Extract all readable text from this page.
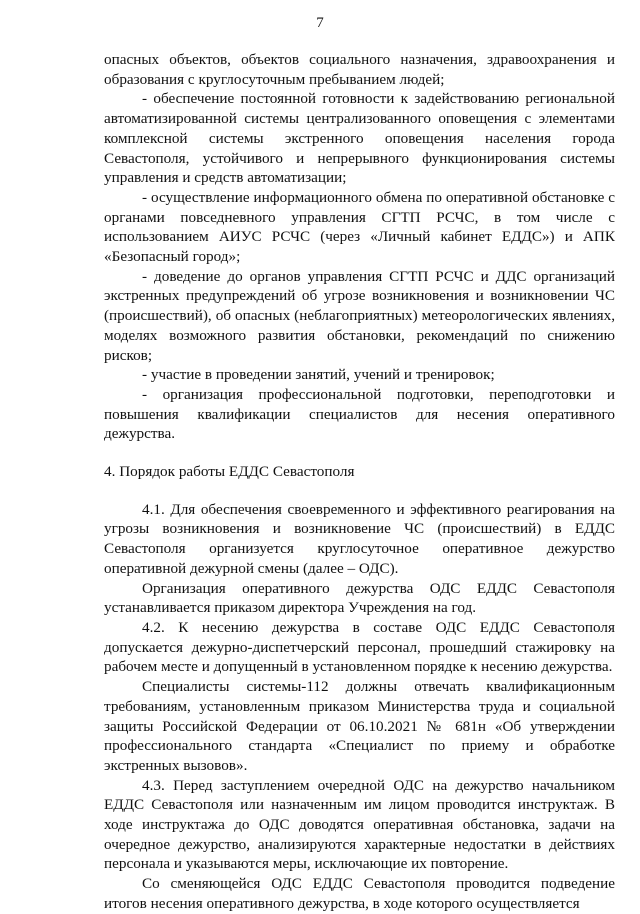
7

опасных объектов, объектов социального назначения, здравоохранения и образования с круглосуточным пребыванием людей;

- обеспечение постоянной готовности к задействованию региональной автоматизированной системы централизованного оповещения с элементами комплексной системы экстренного оповещения населения города Севастополя, устойчивого и непрерывного функционирования системы управления и средств автоматизации;

- осуществление информационного обмена по оперативной обстановке с органами повседневного управления СГТП РСЧС, в том числе с использованием АИУС РСЧС (через «Личный кабинет ЕДДС») и АПК «Безопасный город»;

- доведение до органов управления СГТП РСЧС и ДДС организаций экстренных предупреждений об угрозе возникновения и возникновении ЧС (происшествий), об опасных (неблагоприятных) метеорологических явлениях, моделях возможного развития обстановки, рекомендаций по снижению рисков;

- участие в проведении занятий, учений и тренировок;

- организация профессиональной подготовки, переподготовки и повышения квалификации специалистов для несения оперативного дежурства.

4. Порядок работы ЕДДС Севастополя

4.1. Для обеспечения своевременного и эффективного реагирования на угрозы возникновения и возникновение ЧС (происшествий) в ЕДДС Севастополя организуется круглосуточное оперативное дежурство оперативной дежурной смены (далее – ОДС).

Организация оперативного дежурства ОДС ЕДДС Севастополя устанавливается приказом директора Учреждения на год.

4.2. К несению дежурства в составе ОДС ЕДДС Севастополя допускается дежурно-диспетчерский персонал, прошедший стажировку на рабочем месте и допущенный в установленном порядке к несению дежурства.

Специалисты системы-112 должны отвечать квалификационным требованиям, установленным приказом Министерства труда и социальной защиты Российской Федерации от 06.10.2021 № 681н «Об утверждении профессионального стандарта «Специалист по приему и обработке экстренных вызовов».

4.3. Перед заступлением очередной ОДС на дежурство начальником ЕДДС Севастополя или назначенным им лицом проводится инструктаж. В ходе инструктажа до ОДС доводятся оперативная обстановка, задачи на очередное дежурство, анализируются характерные недостатки в действиях персонала и указываются меры, исключающие их повторение.

Со сменяющейся ОДС ЕДДС Севастополя проводится подведение итогов несения оперативного дежурства, в ходе которого осуществляется
